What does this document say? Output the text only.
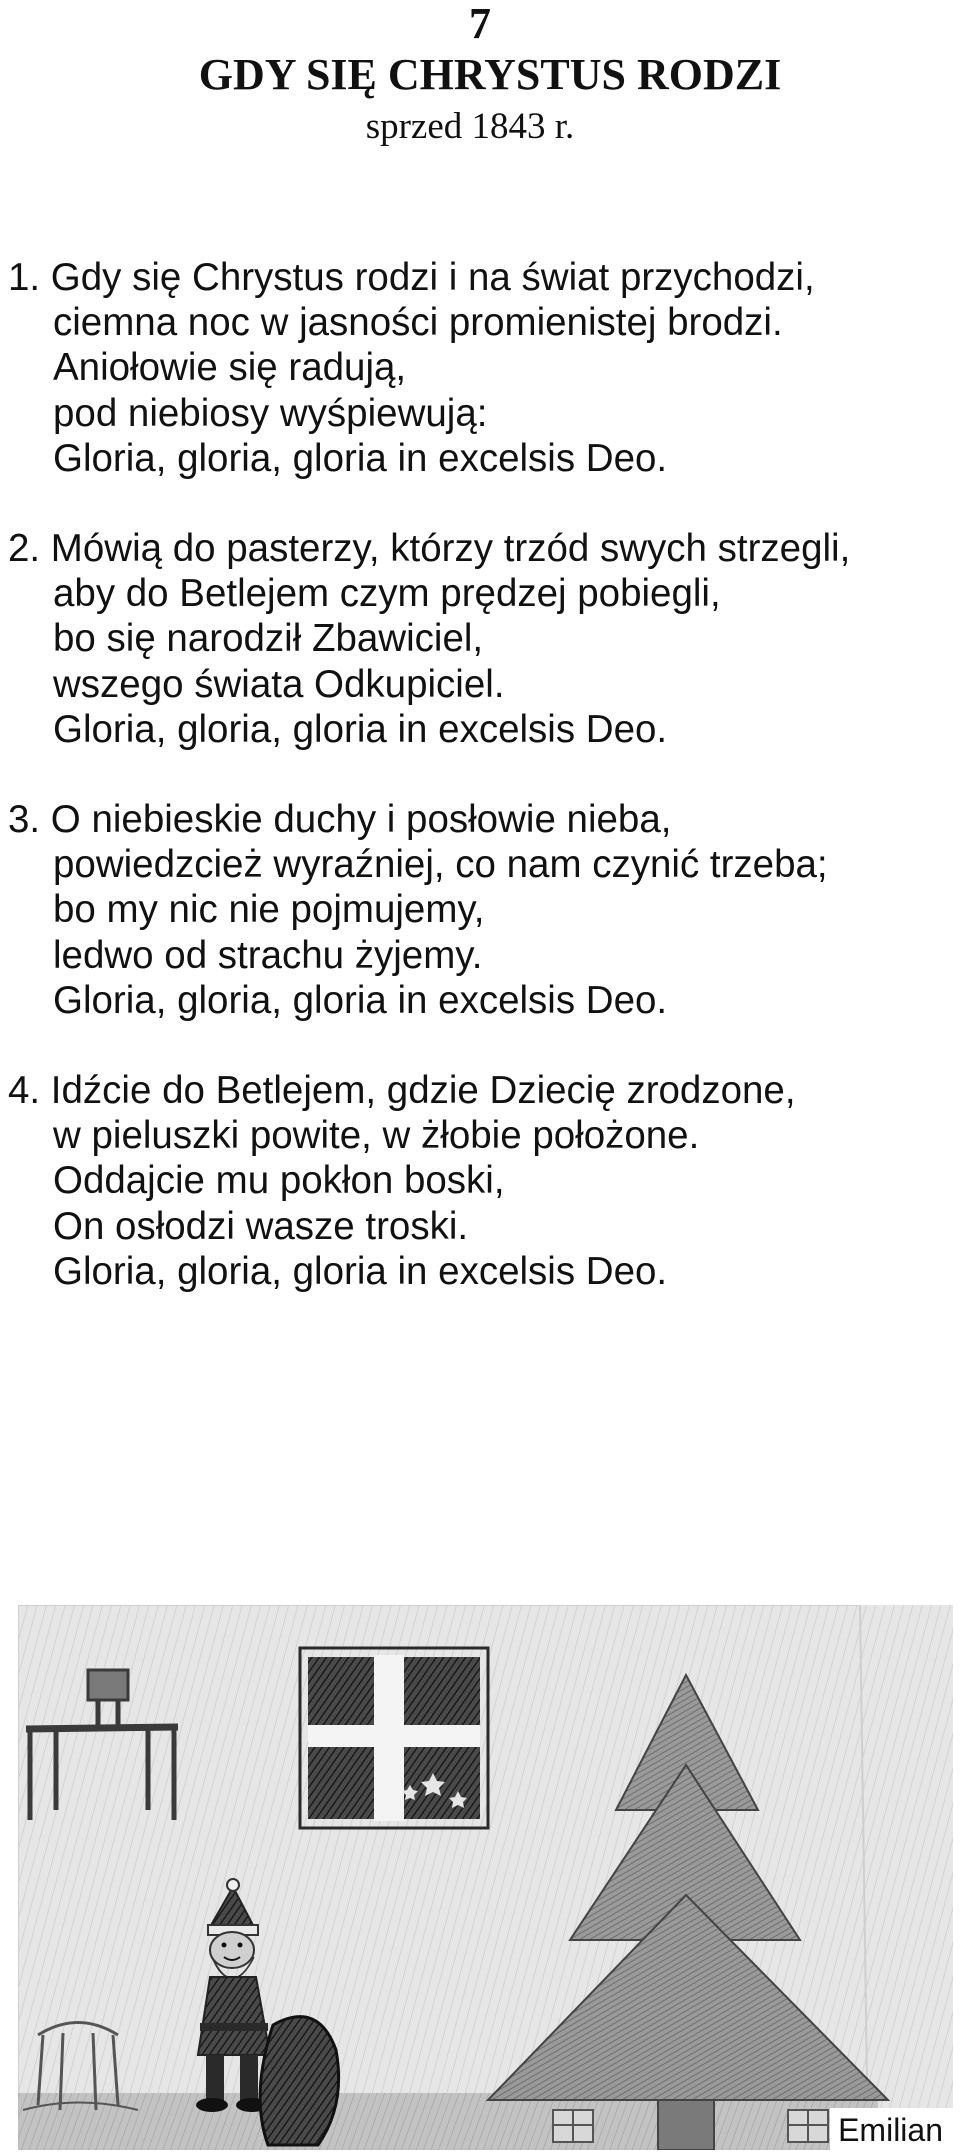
7
GDY SIĘ CHRYSTUS RODZI
sprzed 1843 r.
1. Gdy się Chrystus rodzi i na świat przychodzi,
ciemna noc w jasności promienistej brodzi.
Aniołowie się radują,
pod niebiosy wyśpiewują:
Gloria, gloria, gloria in excelsis Deo.
2. Mówią do pasterzy, którzy trzód swych strzegli,
aby do Betlejem czym prędzej pobiegli,
bo się narodził Zbawiciel,
wszego świata Odkupiciel.
Gloria, gloria, gloria in excelsis Deo.
3. O niebieskie duchy i posłowie nieba,
powiedzcież wyraźniej, co nam czynić trzeba;
bo my nic nie pojmujemy,
ledwo od strachu żyjemy.
Gloria, gloria, gloria in excelsis Deo.
4. Idźcie do Betlejem, gdzie Dziecię zrodzone,
w pieluszki powite, w żłobie położone.
Oddajcie mu pokłon boski,
On osłodzi wasze troski.
Gloria, gloria, gloria in excelsis Deo.
Emilian
